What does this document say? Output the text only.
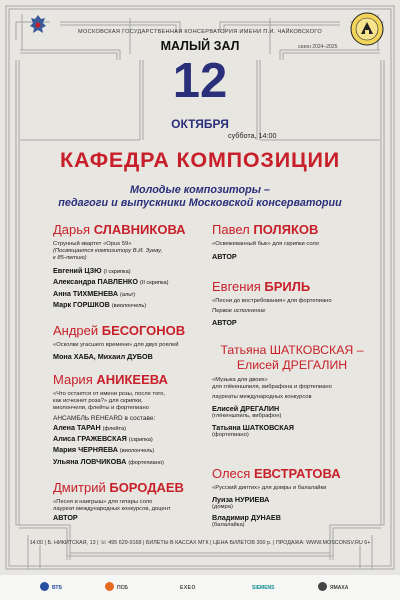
МОСКОВСКАЯ ГОСУДАРСТВЕННАЯ КОНСЕРВАТОРИЯ ИМЕНИ П.И. ЧАЙКОВСКОГО
МАЛЫЙ ЗАЛ	сезон 2024–2025
12
ОКТЯБРЯ
суббота, 14:00
КАФЕДРА КОМПОЗИЦИИ
Молодые композиторы –
педагоги и выпускники Московской консерватории
Дарья СЛАВНИКОВА
Струнный квартет «Opus 59»
(Посвящается композитору В.И. Зуеву,
к 85-летию)
Евгений ЦЗЮ (I скрипка)
Александра ПАВЛЕНКО (II скрипка)
Анна ТИХМЕНЕВА (альт)
Марк ГОРШКОВ (виолончель)
Андрей БЕСОГОНОВ
«Осколки угасшего времени» для двух роялей
Мона ХАБА, Михаил ДУБОВ
Мария АНИКЕЕВА
«Что остается от имени розы, после того,
как исчезнет роза?» для скрипки,
виолончели, флейты и фортепиано
АНСАМБЛЬ REHEARD в составе:
Алена ТАРАН (флейта)
Алиса ГРАЖЕВСКАЯ (скрипка)
Мария ЧЕРНЯЕВА (виолончель)
Ульяна ЛОВЧИКОВА (фортепиано)
Дмитрий БОРОДАЕВ
«Песня и наигрыш» для гитары соло
лауреат международных конкурсов, доцент
АВТОР
Павел ПОЛЯКОВ
«Освежеванный бык» для скрипки соло
АВТОР
Евгения БРИЛЬ
«Песни до востребования» для фортепиано
Первое исполнение
АВТОР
Татьяна ШАТКОВСКАЯ –
Елисей ДРЕГАЛИН
«Музыка для двоих»
для глёкеншпиля, вибрафона и фортепиано
лауреаты международных конкурсов
Елисей ДРЕГАЛИН
(глёкеншпиль, вибрафон)
Татьяна ШАТКОВСКАЯ
(фортепиано)
Олеся ЕВСТРАТОВА
«Русский диптих» для домры и балалайки
Луиза НУРИЕВА
(домра)
Владимир ДУНАЕВ
(балалайка)
14:00 | Б. НИКИТСКАЯ, 13 | ☏ 495 629-9168 | БИЛЕТЫ В КАССАХ МГК | ЦЕНА БИЛЕТОВ 300 р. | ПРОДАЖА: WWW.MOSCONSV.RU 6+
ВТБ	ПСБ	EXEO	SIEMENS	ЯМАХА
